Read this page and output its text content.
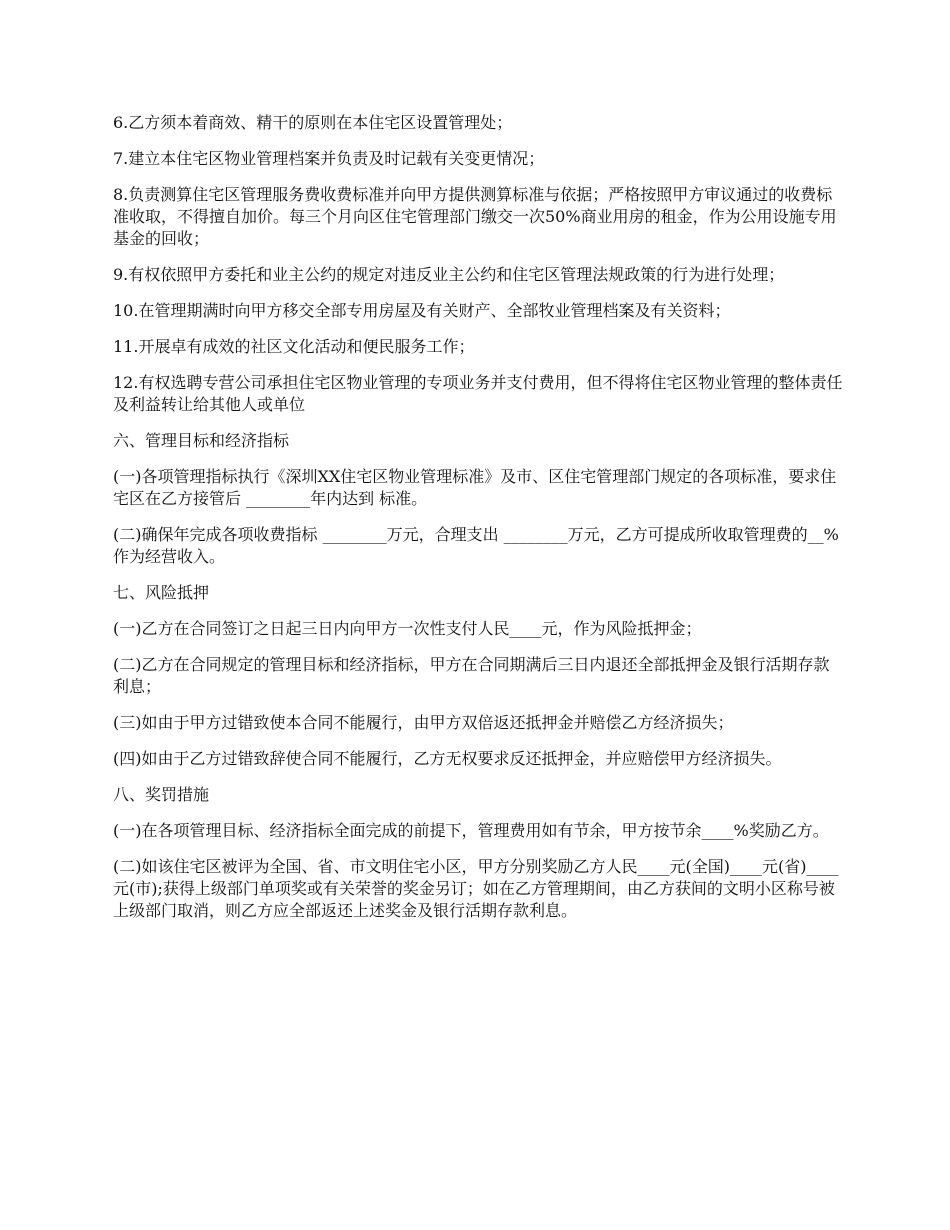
6.乙方须本着商效、精干的原则在本住宅区设置管理处；

7.建立本住宅区物业管理档案并负责及时记载有关变更情况；

8.负责测算住宅区管理服务费收费标准并向甲方提供测算标准与依据；严格按照甲方审议通过的收费标准收取，不得擅自加价。每三个月向区住宅管理部门缴交一次50%商业用房的租金，作为公用设施专用基金的回收；

9.有权依照甲方委托和业主公约的规定对违反业主公约和住宅区管理法规政策的行为进行处理；

10.在管理期满时向甲方移交全部专用房屋及有关财产、全部牧业管理档案及有关资料；

11.开展卓有成效的社区文化活动和便民服务工作；

12.有权选聘专营公司承担住宅区物业管理的专项业务并支付费用，但不得将住宅区物业管理的整体责任及利益转让给其他人或单位

六、管理目标和经济指标

(一)各项管理指标执行《深圳XX住宅区物业管理标准》及市、区住宅管理部门规定的各项标准，要求住宅区在乙方接管后 ________年内达到 标准。

(二)确保年完成各项收费指标 ________万元，合理支出 ________万元，乙方可提成所收取管理费的__%作为经营收入。

七、风险抵押

(一)乙方在合同签订之日起三日内向甲方一次性支付人民____元，作为风险抵押金；

(二)乙方在合同规定的管理目标和经济指标，甲方在合同期满后三日内退还全部抵押金及银行活期存款利息；

(三)如由于甲方过错致使本合同不能履行，由甲方双倍返还抵押金并赔偿乙方经济损失；

(四)如由于乙方过错致辞使合同不能履行，乙方无权要求反还抵押金，并应赔偿甲方经济损失。

八、奖罚措施

(一)在各项管理目标、经济指标全面完成的前提下，管理费用如有节余，甲方按节余____%奖励乙方。

(二)如该住宅区被评为全国、省、市文明住宅小区，甲方分别奖励乙方人民____元(全国)____元(省)____元(市);获得上级部门单项奖或有关荣誉的奖金另订；如在乙方管理期间，由乙方获间的文明小区称号被上级部门取消，则乙方应全部返还上述奖金及银行活期存款利息。
